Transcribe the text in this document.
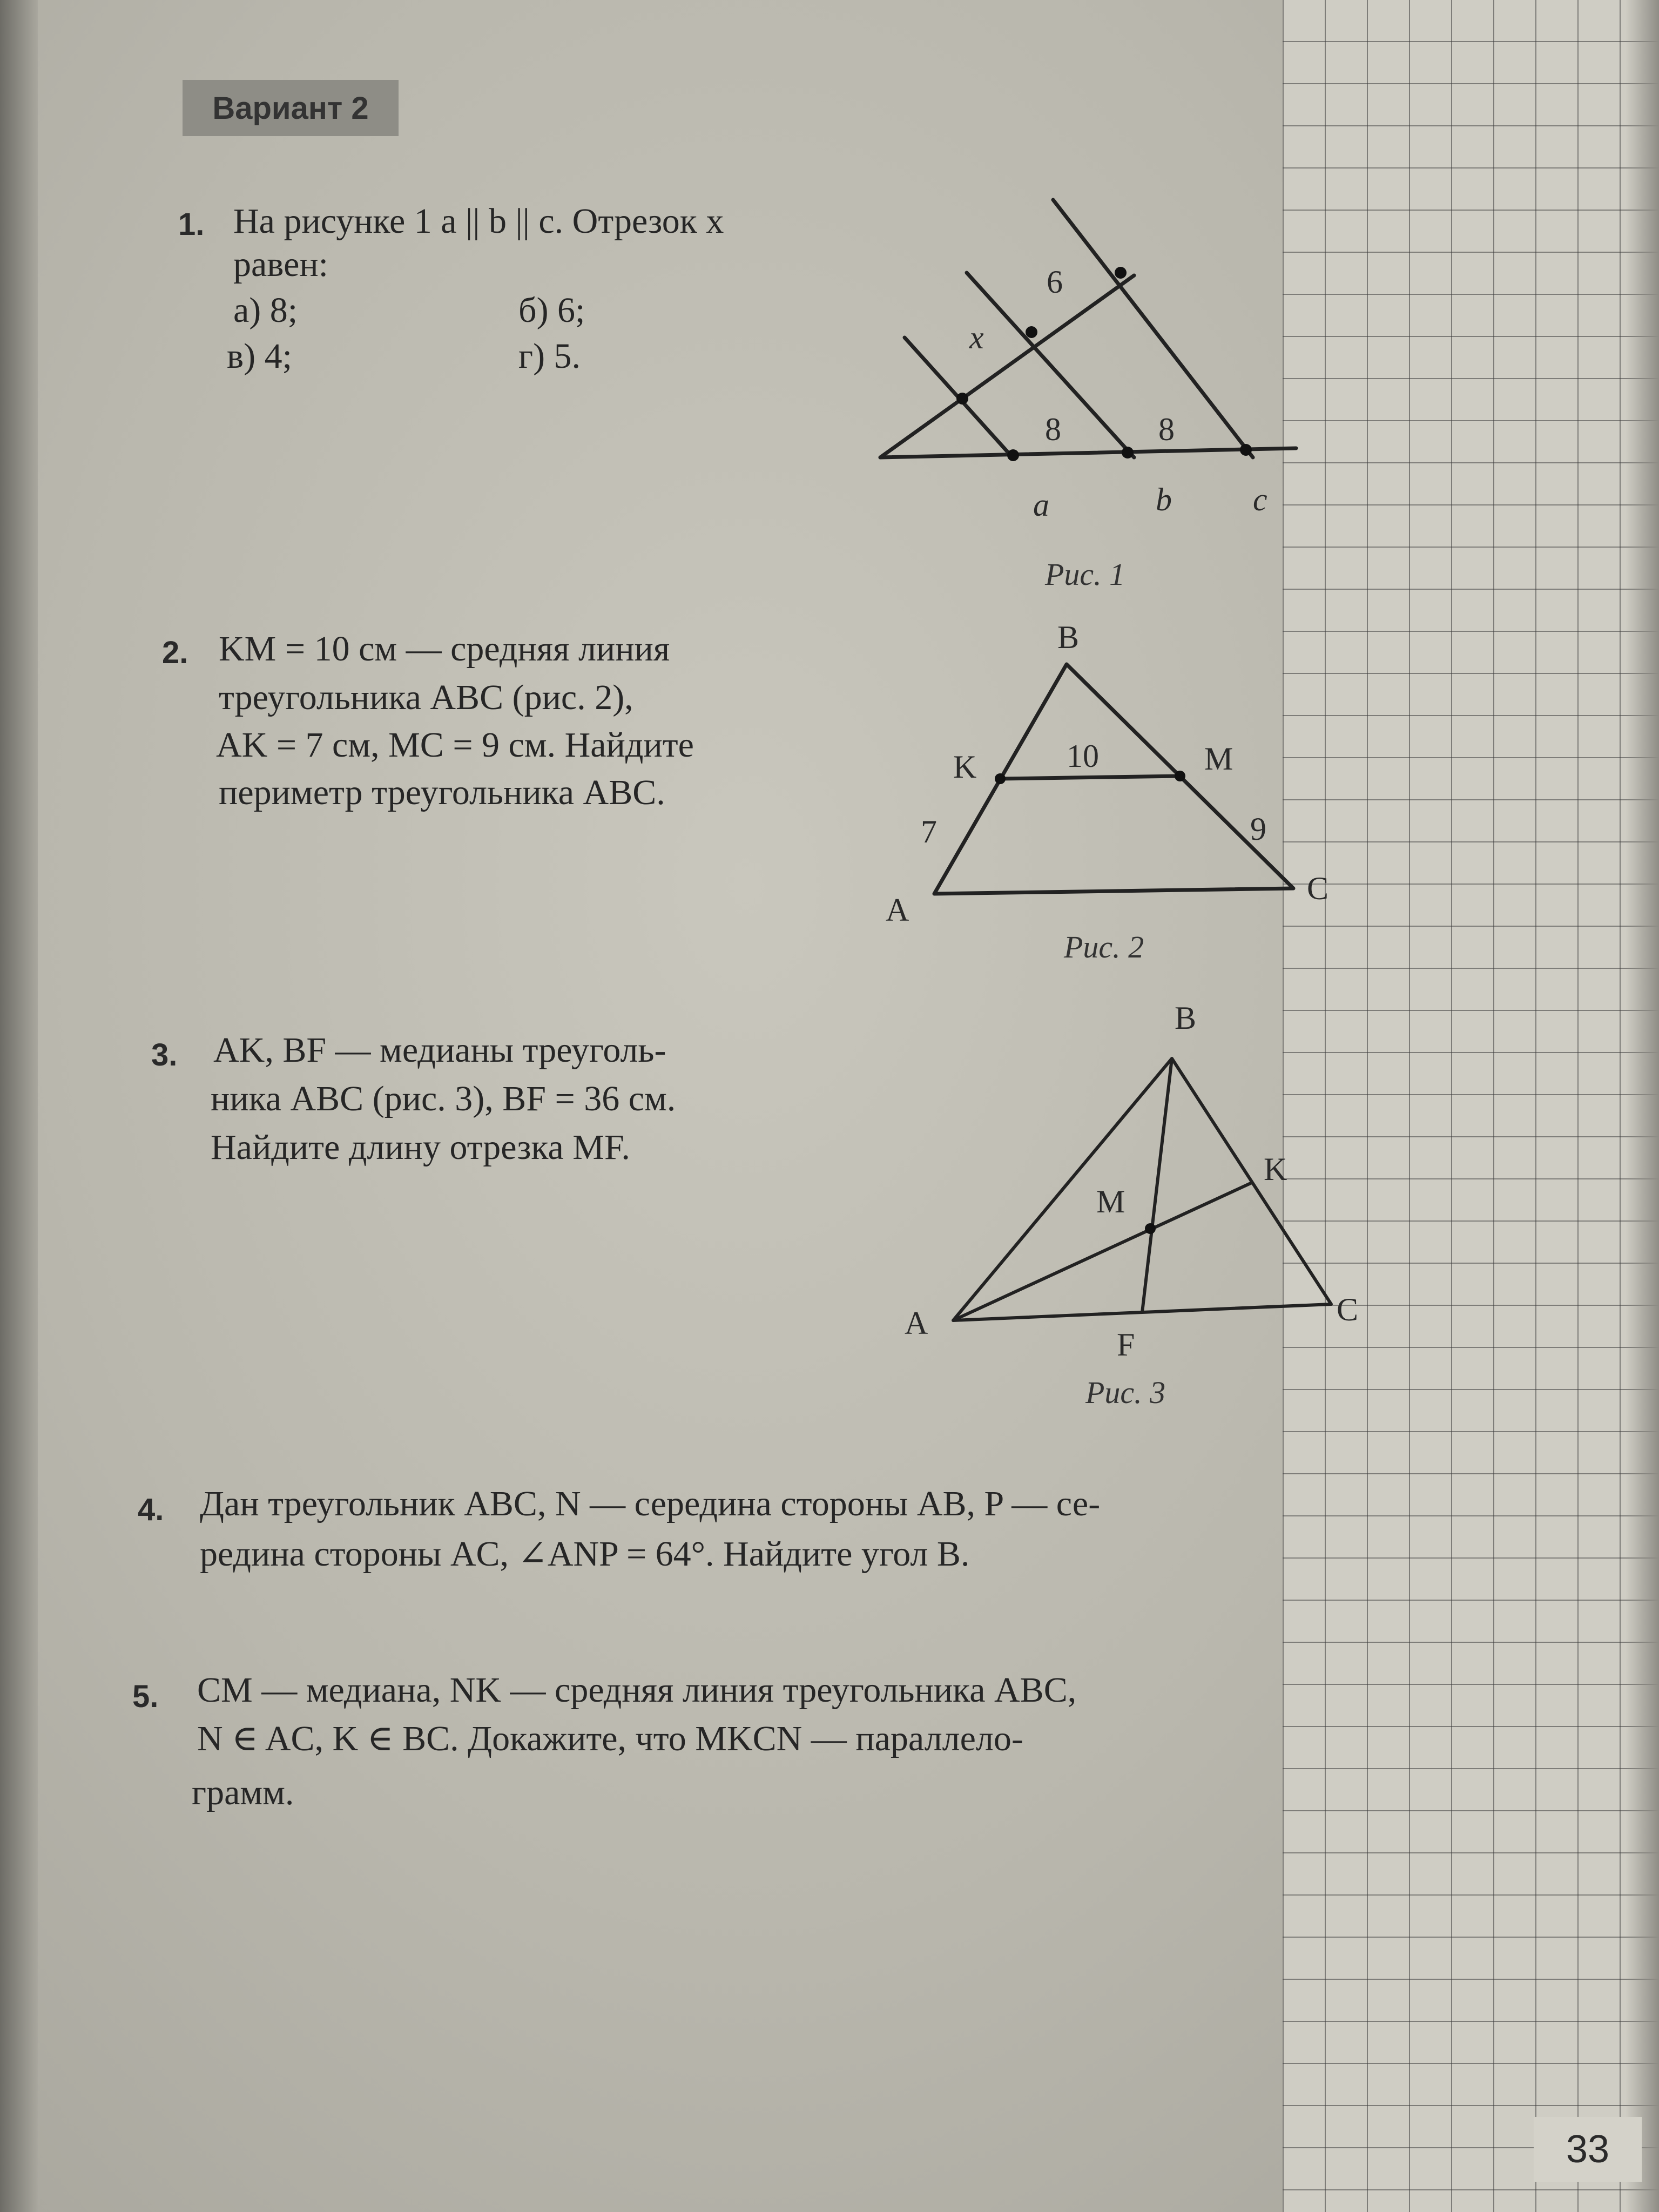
Вариант 2
1. На рисунке 1 a || b || c. Отрезок x
равен:
а) 8;	б) 6;
в) 4;	г) 5.	x
6
8	8
a	b	c
Рис. 1
2. KM = 10 см — средняя линия
треугольника ABC (рис. 2),
AK = 7 см, MC = 9 см. Найдите
периметр треугольника ABC.
B
K	M
10
7	9
A
C
Рис. 2
3. AK, BF — медианы треуголь-
ника ABC (рис. 3), BF = 36 см.
Найдите длину отрезка MF.
B
K
M
A	C
F
Рис. 3
4. Дан треугольник ABC, N — середина стороны AB, P — се-
редина стороны AC, ∠ANP = 64°. Найдите угол B.
5. CM — медиана, NK — средняя линия треугольника ABC,
N ∈ AC, K ∈ BC. Докажите, что MKCN — параллело-
грамм.
33
